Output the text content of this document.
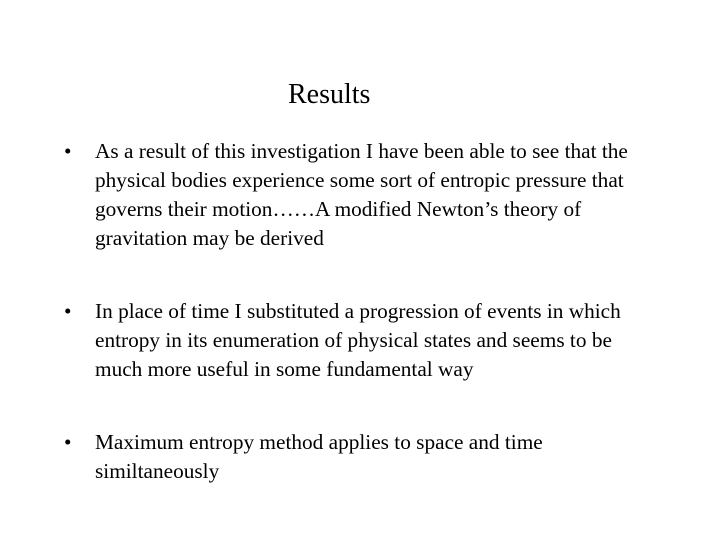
Results
•	As a result of this investigation I have been able to see that the physical bodies experience some sort of entropic pressure that governs their motion……A modified Newton’s theory of gravitation may be derived
•	In place of time I substituted a progression of events in which entropy in its enumeration of physical states and seems to be much more useful in some fundamental way
•	Maximum entropy method applies to space and time similtaneously
